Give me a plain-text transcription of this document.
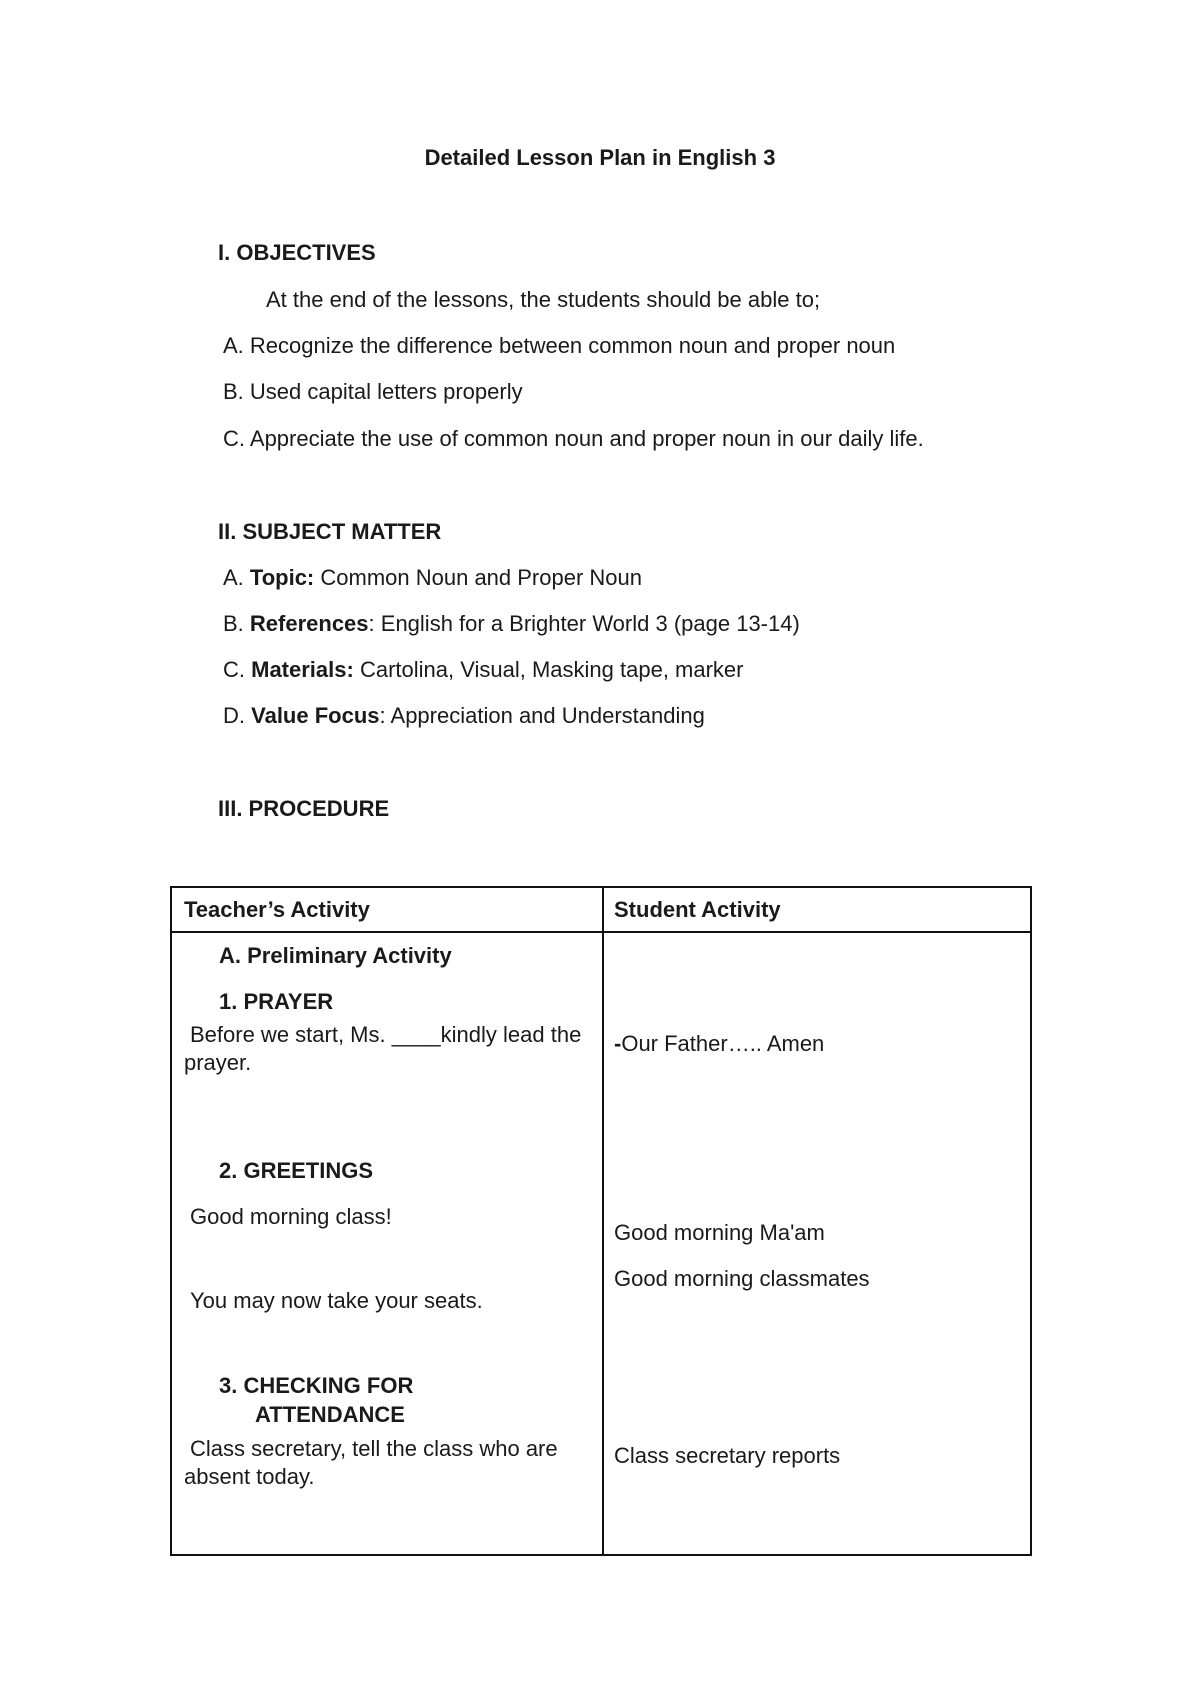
Detailed Lesson Plan in English 3
I. OBJECTIVES
At the end of the lessons, the students should be able to;
A. Recognize the difference between common noun and proper noun
B. Used capital letters properly
C. Appreciate the use of common noun and proper noun in our daily life.
II. SUBJECT MATTER
A. Topic: Common Noun and Proper Noun
B. References: English for a Brighter World 3 (page 13-14)
C. Materials: Cartolina, Visual, Masking tape, marker
D. Value Focus: Appreciation and Understanding
III. PROCEDURE
Teacher’s Activity	Student Activity
A. Preliminary Activity
1. PRAYER
Before we start, Ms. ____kindly lead the prayer.
2. GREETINGS
Good morning class!
You may now take your seats.
3. CHECKING FOR
ATTENDANCE
Class secretary, tell the class who are absent today.
-Our Father….. Amen
Good morning Ma'am
Good morning classmates
Class secretary reports
